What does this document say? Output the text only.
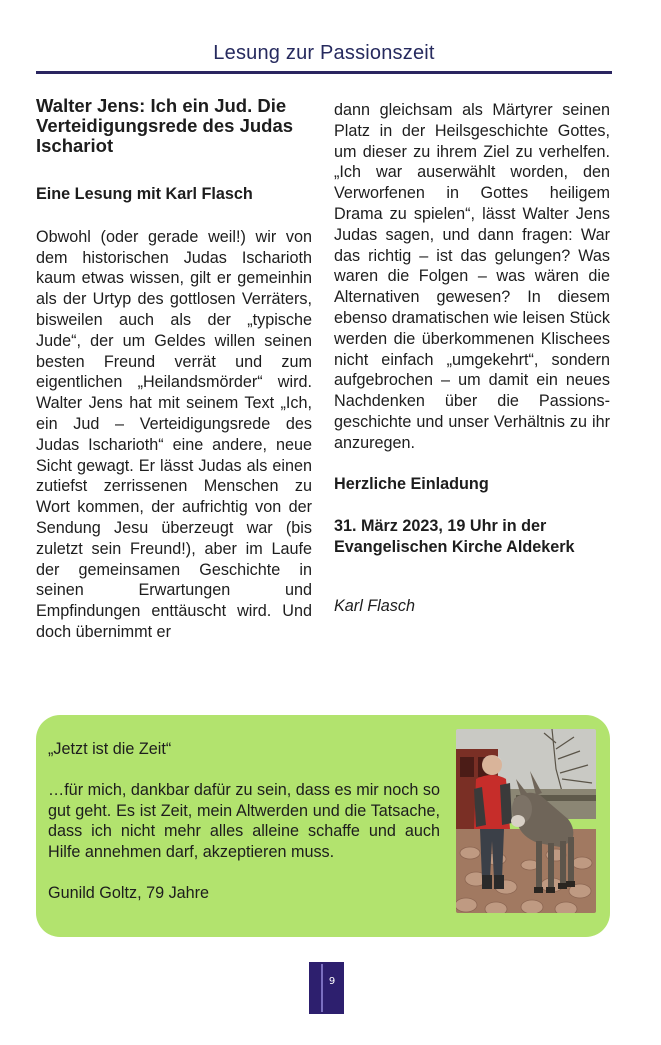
Lesung zur Passionszeit
Walter Jens: Ich ein Jud. Die Verteidigungsrede des Judas Ischariot
Eine Lesung mit Karl Flasch

Obwohl (oder gerade weil!) wir von dem historischen Judas Ischarioth kaum etwas wissen, gilt er gemeinhin als der Urtyp des gottlosen Verräters, bisweilen auch als der „typische Jude“, der um Geldes willen seinen besten Freund verrät und zum eigentlichen „Heilandsmörder“ wird. Walter Jens hat mit seinem Text „Ich, ein Jud – Verteidigungsrede des Judas Ischarioth“ eine andere, neue Sicht gewagt. Er lässt Judas als einen zutiefst zerrissenen Menschen zu Wort kommen, der aufrichtig von der Sendung Jesu überzeugt war (bis zuletzt sein Freund!), aber im Laufe der gemeinsamen Geschichte in seinen Erwartungen und Empfindungen enttäuscht wird. Und doch übernimmt er

dann gleichsam als Märtyrer seinen Platz in der Heilsgeschichte Gottes, um dieser zu ihrem Ziel zu verhelfen. „Ich war auserwählt worden, den Verworfenen in Gottes heiligem Drama zu spielen“, lässt Walter Jens Judas sagen, und dann fragen: War das richtig – ist das gelungen? Was waren die Folgen – was wären die Alternativen gewesen? In diesem ebenso dramatischen wie leisen Stück werden die überkommenen Klischees nicht einfach „umgekehrt“, sondern aufgebrochen – um damit ein neues Nachdenken über die Passionsgeschichte und unser Verhältnis zu ihr anzuregen.

Herzliche Einladung
31. März 2023, 19 Uhr in der Evangelischen Kirche Aldekerk
Karl Flasch
„Jetzt ist die Zeit“
…für mich, dankbar dafür zu sein, dass es mir noch so gut geht. Es ist Zeit, mein Altwerden und die Tatsache, dass ich nicht mehr alles alleine schaffe und auch Hilfe annehmen darf, akzeptieren muss.
Gunild Goltz, 79 Jahre
9
